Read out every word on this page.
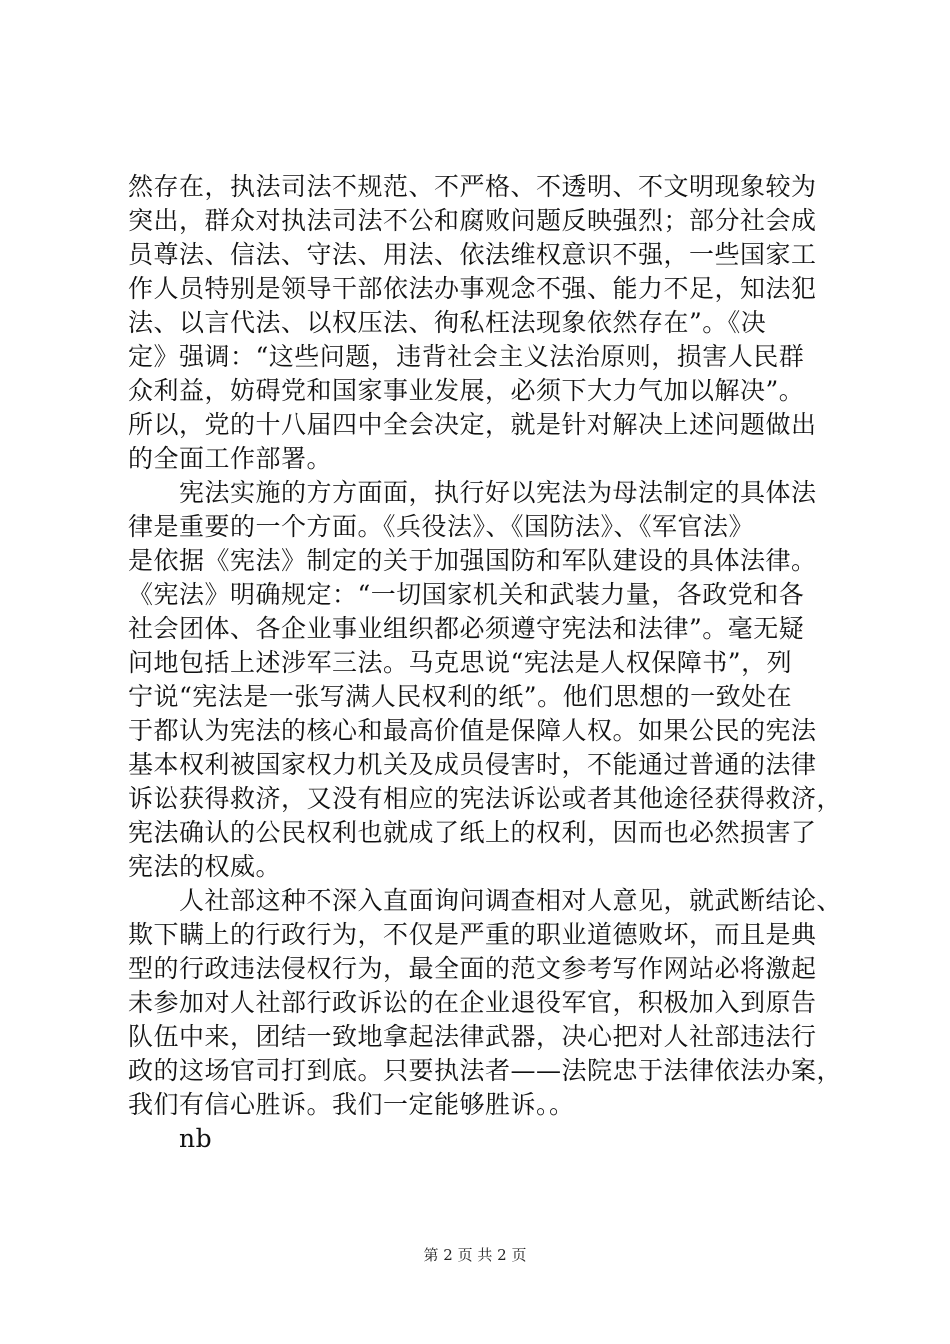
然存在，执法司法不规范、不严格、不透明、不文明现象较为
突出，群众对执法司法不公和腐败问题反映强烈；部分社会成
员尊法、信法、守法、用法、依法维权意识不强，一些国家工
作人员特别是领导干部依法办事观念不强、能力不足，知法犯
法、以言代法、以权压法、徇私枉法现象依然存在”。《决
定》强调：“这些问题，违背社会主义法治原则，损害人民群
众利益，妨碍党和国家事业发展，必须下大力气加以解决”。
所以，党的十八届四中全会决定，就是针对解决上述问题做出
的全面工作部署。
　　宪法实施的方方面面，执行好以宪法为母法制定的具体法
律是重要的一个方面。《兵役法》、《国防法》、《军官法》
是依据《宪法》制定的关于加强国防和军队建设的具体法律。
《宪法》明确规定：“一切国家机关和武装力量，各政党和各
社会团体、各企业事业组织都必须遵守宪法和法律”。毫无疑
问地包括上述涉军三法。马克思说“宪法是人权保障书”，列
宁说“宪法是一张写满人民权利的纸”。他们思想的一致处在
于都认为宪法的核心和最高价值是保障人权。如果公民的宪法
基本权利被国家权力机关及成员侵害时，不能通过普通的法律
诉讼获得救济，又没有相应的宪法诉讼或者其他途径获得救济，
宪法确认的公民权利也就成了纸上的权利，因而也必然损害了
宪法的权威。
　　人社部这种不深入直面询问调查相对人意见，就武断结论、
欺下瞒上的行政行为，不仅是严重的职业道德败坏，而且是典
型的行政违法侵权行为，最全面的范文参考写作网站必将激起
未参加对人社部行政诉讼的在企业退役军官，积极加入到原告
队伍中来，团结一致地拿起法律武器，决心把对人社部违法行
政的这场官司打到底。只要执法者——法院忠于法律依法办案，
我们有信心胜诉。我们一定能够胜诉。。
　　nb
第 2 页 共 2 页
